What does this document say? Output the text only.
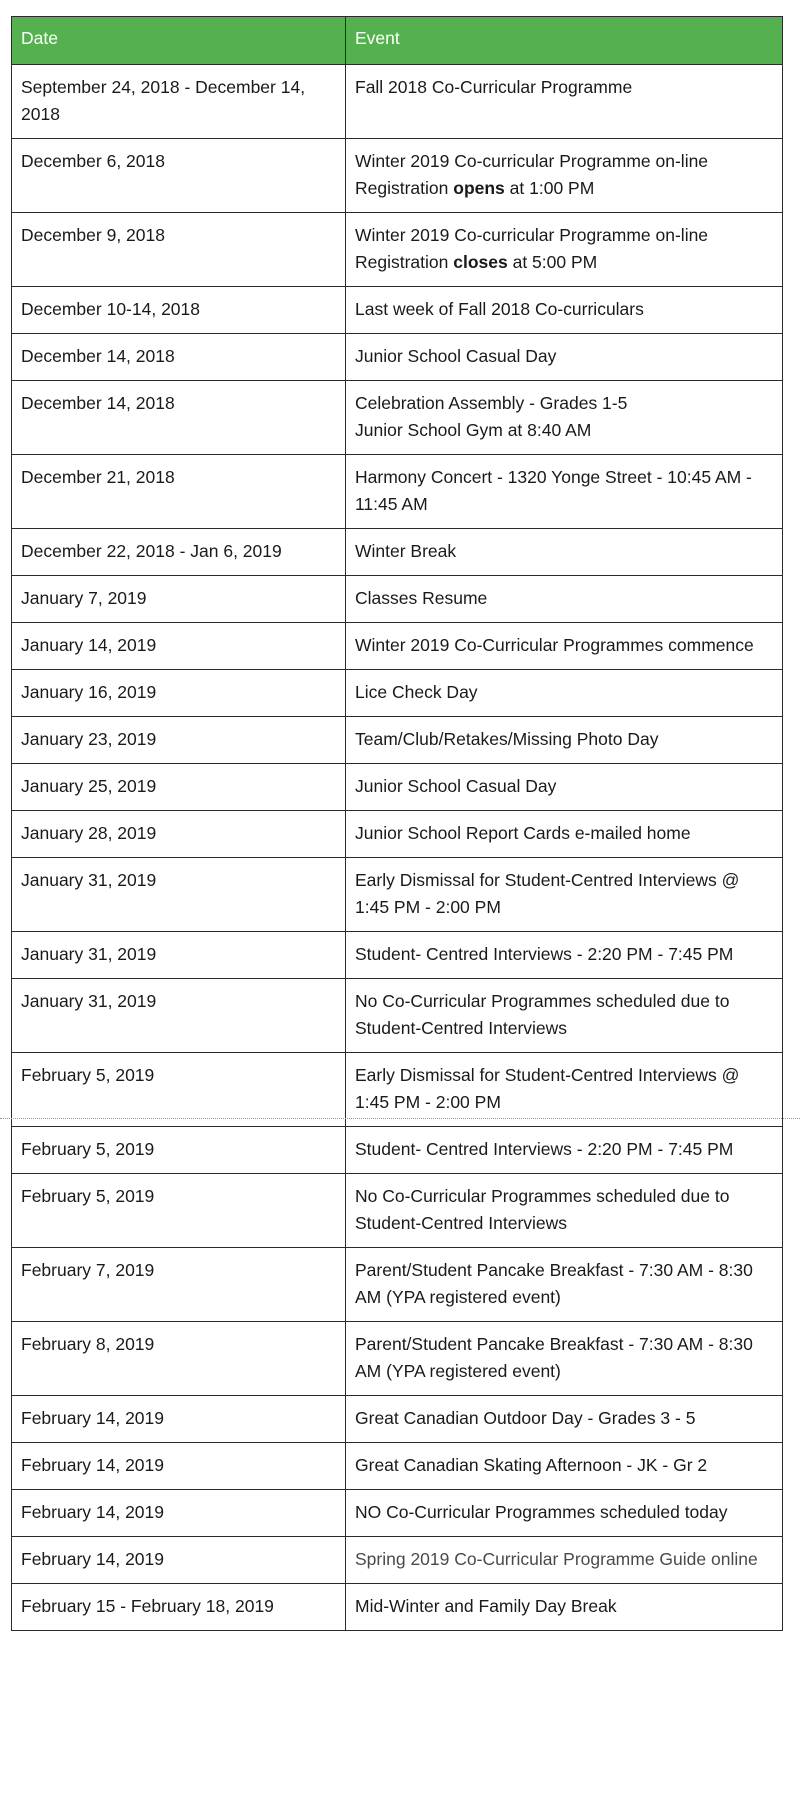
Date	Event
September 24, 2018 - December 14, 2018	Fall 2018 Co-Curricular Programme

December 6, 2018	Winter 2019 Co-curricular Programme on-line Registration opens at 1:00 PM
December 9, 2018	Winter 2019 Co-curricular Programme on-line Registration closes at 5:00 PM
December 10-14, 2018	Last week of Fall 2018 Co-curriculars

December 14, 2018	Junior School Casual Day

December 14, 2018	Celebration Assembly - Grades 1-5
Junior School Gym at 8:40 AM

December 21, 2018	Harmony Concert - 1320 Yonge Street - 10:45 AM - 11:45 AM

December 22, 2018 - Jan 6, 2019	Winter Break

January 7, 2019	Classes Resume

January 14, 2019	Winter 2019 Co-Curricular Programmes commence

January 16, 2019	Lice Check Day

January 23, 2019	Team/Club/Retakes/Missing Photo Day

January 25, 2019	Junior School Casual Day

January 28, 2019	Junior School Report Cards e-mailed home

January 31, 2019	Early Dismissal for Student-Centred Interviews @ 1:45 PM - 2:00 PM

January 31, 2019	Student- Centred Interviews - 2:20 PM - 7:45 PM

January 31, 2019	No Co-Curricular Programmes scheduled due to Student-Centred Interviews

February 5, 2019	Early Dismissal for Student-Centred Interviews @ 1:45 PM - 2:00 PM

February 5, 2019	Student- Centred Interviews - 2:20 PM - 7:45 PM

February 5, 2019	No Co-Curricular Programmes scheduled due to Student-Centred Interviews

February 7, 2019	Parent/Student Pancake Breakfast - 7:30 AM - 8:30 AM (YPA registered event)

February 8, 2019	Parent/Student Pancake Breakfast - 7:30 AM - 8:30 AM (YPA registered event)

February 14, 2019	Great Canadian Outdoor Day - Grades 3 - 5

February 14, 2019	Great Canadian Skating Afternoon - JK - Gr 2

February 14, 2019	NO Co-Curricular Programmes scheduled today

February 14, 2019	Spring 2019 Co-Curricular Programme Guide online

February 15 - February 18, 2019	Mid-Winter and Family Day Break
